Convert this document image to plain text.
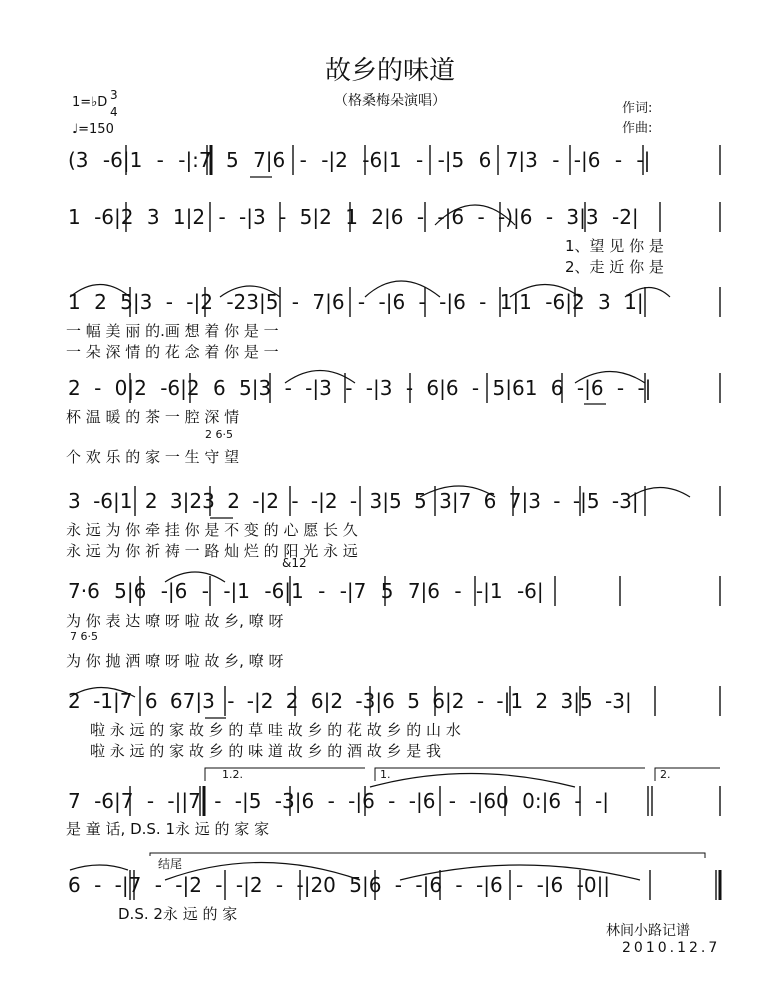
故乡的味道
（格桑梅朵演唱）
1=♭D 3
4
♩=150
作词:
作曲:
(3 -6|1 - -|:7 5 7|6 - -|2 -6|1 - -|5 6 7|3 - -|6 - -|
1 -6|2 3 1|2 - -|3 - 5|2 1 2|6 - -|6 - -)|6 - 3|3 -2|
1、望 见 你 是
2、走 近 你 是
1 2 5|3 - -|2 -23|5 - 7|6 - -|6 - -|6 - 1|1 -6|2 3 1|
一 幅 美 丽 的.画 想 着 你 是 一
一 朵 深 情 的 花 念 着 你 是 一
2 - 0|2 -6|2 6 5|3 - -|3 - -|3 - 6|6 - 5|61 6 -|6 - -|
杯 温 暖 的 茶 一 腔 深 情
2 6·5
个 欢 乐 的 家 一 生 守 望
3 -6|1 2 3|23 2 -|2 - -|2 - 3|5 5 3|7 6 7|3 - -|5 -3|
永 远 为 你 牵 挂 你 是 不 变 的 心 愿 长 久
永 远 为 你 祈 祷 一 路 灿 烂 的 阳 光 永 远
&12
7·6 5|6 -|6 - -|1 -6|1 - -|7 5 7|6 - -|1 -6|
为 你 表 达 嘹 呀 啦 故 乡, 嘹 呀
7 6·5
为 你 抛 洒 嘹 呀 啦 故 乡, 嘹 呀
2 -1|7 6 67|3 - -|2 2 6|2 -3|6 5 6|2 - -|1 2 3|5 -3|
啦 永 远 的 家 故 乡 的 草 哇 故 乡 的 花 故 乡 的 山 水
啦 永 远 的 家 故 乡 的 味 道 故 乡 的 酒 故 乡 是 我
1.2.	1.	2.
7 -6|7 - -||7 - -|5 -3|6 - -|6 - -|6 - -|60 0:|6 - -|
是 童 话, D.S. 1永 远 的 家 家
结尾
6 - -|7 - -|2 - -|2 - -|20 5|6 - -|6 - -|6 - -|6 -0||
D.S. 2永 远 的 家
林间小路记谱
2010.12.7
